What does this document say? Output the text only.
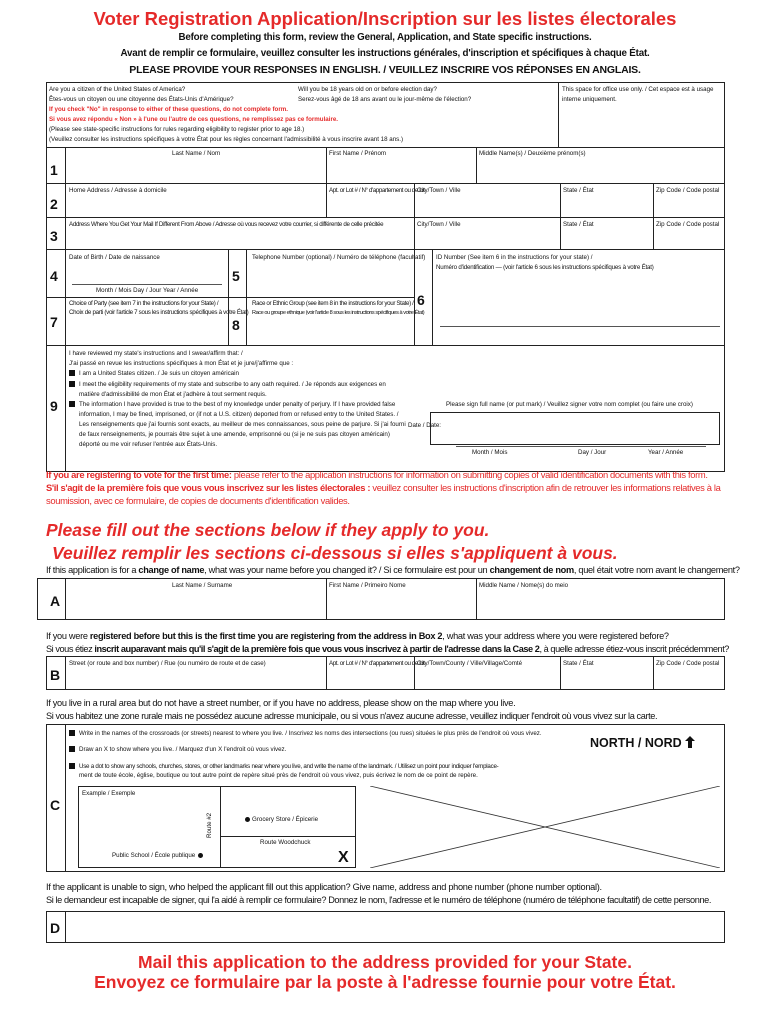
Voter Registration Application/Inscription sur les listes électorales
Before completing this form, review the General, Application, and State specific instructions.
Avant de remplir ce formulaire, veuillez consulter les instructions générales, d'inscription et spécifiques à chaque État.
PLEASE PROVIDE YOUR RESPONSES IN ENGLISH. / VEUILLEZ INSCRIRE VOS RÉPONSES EN ANGLAIS.
Are you a citizen of the United States of America?
Êtes-vous un citoyen ou une citoyenne des États-Unis d'Amérique?
Will you be 18 years old on or before election day?
Serez-vous âgé de 18 ans avant ou le jour-même de l'élection?
If you check "No" in response to either of these questions, do not complete form.
Si vous avez répondu « Non » à l'une ou l'autre de ces questions, ne remplissez pas ce formulaire.
(Please see state-specific instructions for rules regarding eligibility to register prior to age 18.)
(Veuillez consulter les instructions spécifiques à votre État pour les règles concernant l'admissibilité à vous inscrire avant 18 ans.)
This space for office use only. / Cet espace est à usage
interne uniquement.
1
Last Name / Nom	First Name / Prénom	Middle Name(s) / Deuxième prénom(s)
2
Home Address / Adresse à domicile	Apt. or Lot # / N° d'appartement ou de lot
City/Town / Ville	State / État	Zip Code / Code postal
3
Address Where You Get Your Mail If Different From Above / Adresse où vous recevez votre courrier, si différente de celle précitée	City/Town / Ville	State / État	Zip Code / Code postal
4
Date of Birth / Date de naissance
Month / Mois Day / Jour Year / Année
5
Telephone Number (optional) / Numéro de téléphone (facultatif)
6
ID Number (See item 6 in the instructions for your state) /
Numéro d'identification — (voir l'article 6 sous les instructions spécifiques à votre État)
7
Choice of Party (see item 7 in the instructions for your State) /
Choix de parti (voir l'article 7 sous les instructions spécifiques à votre État)
8
Race or Ethnic Group (see item 8 in the instructions for your State) /
Race ou groupe ethnique (voir l'article 8 sous les instructions spécifiques à votre État)
9
I have reviewed my state's instructions and I swear/affirm that: /
J'ai passé en revue les instructions spécifiques à mon État et je jure/j'affirme que :
I am a United States citizen. / Je suis un citoyen américain
I meet the eligibility requirements of my state and subscribe to any oath required. / Je réponds aux exigences en
matière d'admissibilité de mon État et j'adhère à tout serment requis.
The information I have provided is true to the best of my knowledge under penalty of perjury. If I have provided false
information, I may be fined, imprisoned, or (if not a U.S. citizen) deported from or refused entry to the United States. /
Les renseignements que j'ai fournis sont exacts, au meilleur de mes connaissances, sous peine de parjure. Si j'ai fourni
de faux renseignements, je pourrais être sujet à une amende, emprisonné ou (si je ne suis pas citoyen américain)
déporté ou me voir refuser l'entrée aux États-Unis.
Please sign full name (or put mark) / Veuillez signer votre nom complet (ou faire une croix)
Date / Date:
Month / Mois	Day / Jour	Year / Année
If you are registering to vote for the first time: please refer to the application instructions for information on submitting copies of valid identification documents with this form.
S'il s'agit de la première fois que vous vous inscrivez sur les listes électorales : veuillez consulter les instructions d'inscription afin de retrouver les informations relatives à la
soumission, avec ce formulaire, de copies de documents d'identification valides.
Please fill out the sections below if they apply to you.
Veuillez remplir les sections ci-dessous si elles s'appliquent à vous.
If this application is for a change of name, what was your name before you changed it? / Si ce formulaire est pour un changement de nom, quel était votre nom avant le changement?
A
Last Name / Surname	First Name / Primeiro Nome	Middle Name / Nome(s) do meio
If you were registered before but this is the first time you are registering from the address in Box 2, what was your address where you were registered before?
Si vous étiez inscrit auparavant mais qu'il s'agit de la première fois que vous vous inscrivez à partir de l'adresse dans la Case 2, à quelle adresse étiez-vous inscrit précédemment?
B
Street (or route and box number) / Rue (ou numéro de route et de case)	Apt. or Lot # / N° d'appartement ou de lot
City/Town/County / Ville/Village/Comté	State / État	Zip Code / Code postal
If you live in a rural area but do not have a street number, or if you have no address, please show on the map where you live.
Si vous habitez une zone rurale mais ne possédez aucune adresse municipale, ou si vous n'avez aucune adresse, veuillez indiquer l'endroit où vous vivez sur la carte.
C
Write in the names of the crossroads (or streets) nearest to where you live. / Inscrivez les noms des intersections (ou rues) situées le plus près de l'endroit où vous vivez.
Draw an X to show where you live. / Marquez d'un X l'endroit où vous vivez.
Use a dot to show any schools, churches, stores, or other landmarks near where you live, and write the name of the landmark. / Utilisez un point pour indiquer l'emplace-
ment de toute école, église, boutique ou tout autre point de repère situé près de l'endroit où vous vivez, puis écrivez le nom de ce point de repère.
NORTH / NORD
Example / Exemple
Route #2	Grocery Store / Épicerie
Route Woodchuck
Public School / École publique	X
If the applicant is unable to sign, who helped the applicant fill out this application? Give name, address and phone number (phone number optional).
Si le demandeur est incapable de signer, qui l'a aidé à remplir ce formulaire? Donnez le nom, l'adresse et le numéro de téléphone (numéro de téléphone facultatif) de cette personne.
D
Mail this application to the address provided for your State.
Envoyez ce formulaire par la poste à l'adresse fournie pour votre État.
